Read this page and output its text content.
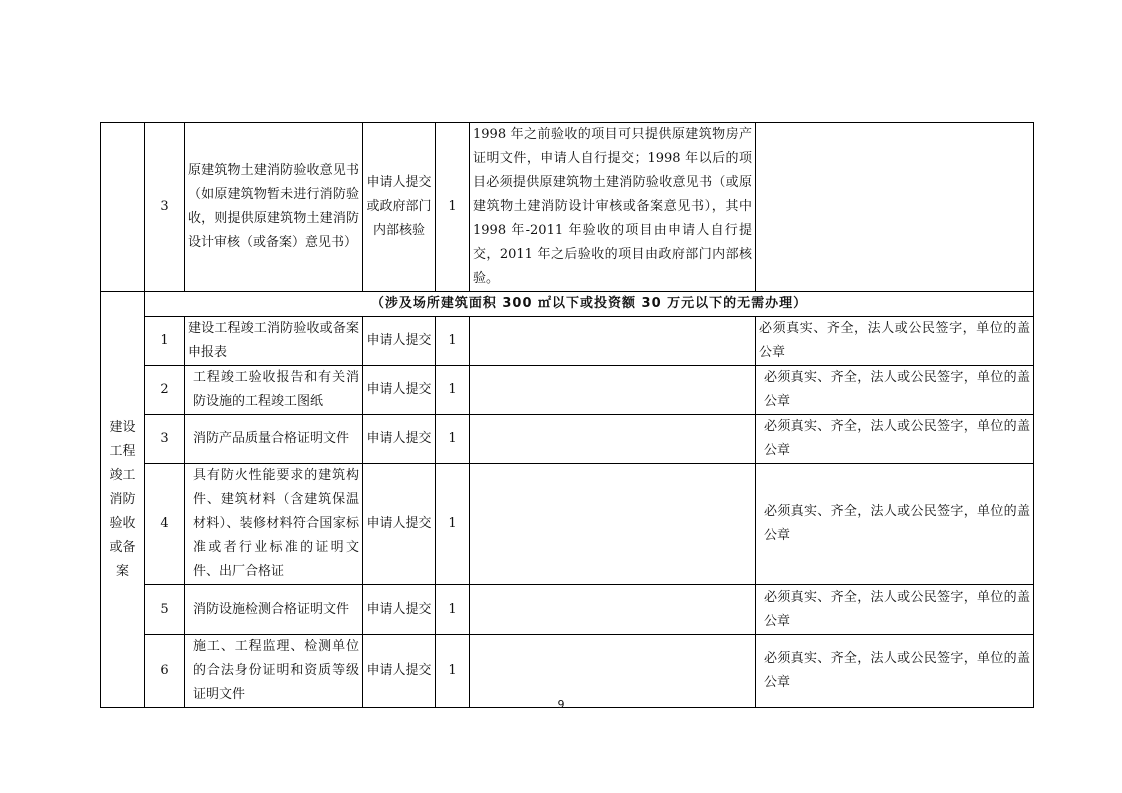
	3	原建筑物土建消防验收意见书（如原建筑物暂未进行消防验收，则提供原建筑物土建消防设计审核（或备案）意见书）	申请人提交或政府部门内部核验	1	1998 年之前验收的项目可只提供原建筑物房产证明文件，申请人自行提交；1998 年以后的项目必须提供原建筑物土建消防验收意见书（或原建筑物土建消防设计审核或备案意见书），其中 1998 年-2011 年验收的项目由申请人自行提交，2011 年之后验收的项目由政府部门内部核验。	
建设工程竣工消防验收或备案	（涉及场所建筑面积 300 ㎡以下或投资额 30 万元以下的无需办理）					
	1	建设工程竣工消防验收或备案申报表	申请人提交	1		必须真实、齐全，法人或公民签字，单位的盖公章
	2	工程竣工验收报告和有关消防设施的工程竣工图纸	申请人提交	1		必须真实、齐全，法人或公民签字，单位的盖公章
	3	消防产品质量合格证明文件	申请人提交	1		必须真实、齐全，法人或公民签字，单位的盖公章
	4	具有防火性能要求的建筑构件、建筑材料（含建筑保温材料）、装修材料符合国家标准或者行业标准的证明文件、出厂合格证	申请人提交	1		必须真实、齐全，法人或公民签字，单位的盖公章
	5	消防设施检测合格证明文件	申请人提交	1		必须真实、齐全，法人或公民签字，单位的盖公章
	6	施工、工程监理、检测单位的合法身份证明和资质等级证明文件	申请人提交	1		必须真实、齐全，法人或公民签字，单位的盖公章
9
